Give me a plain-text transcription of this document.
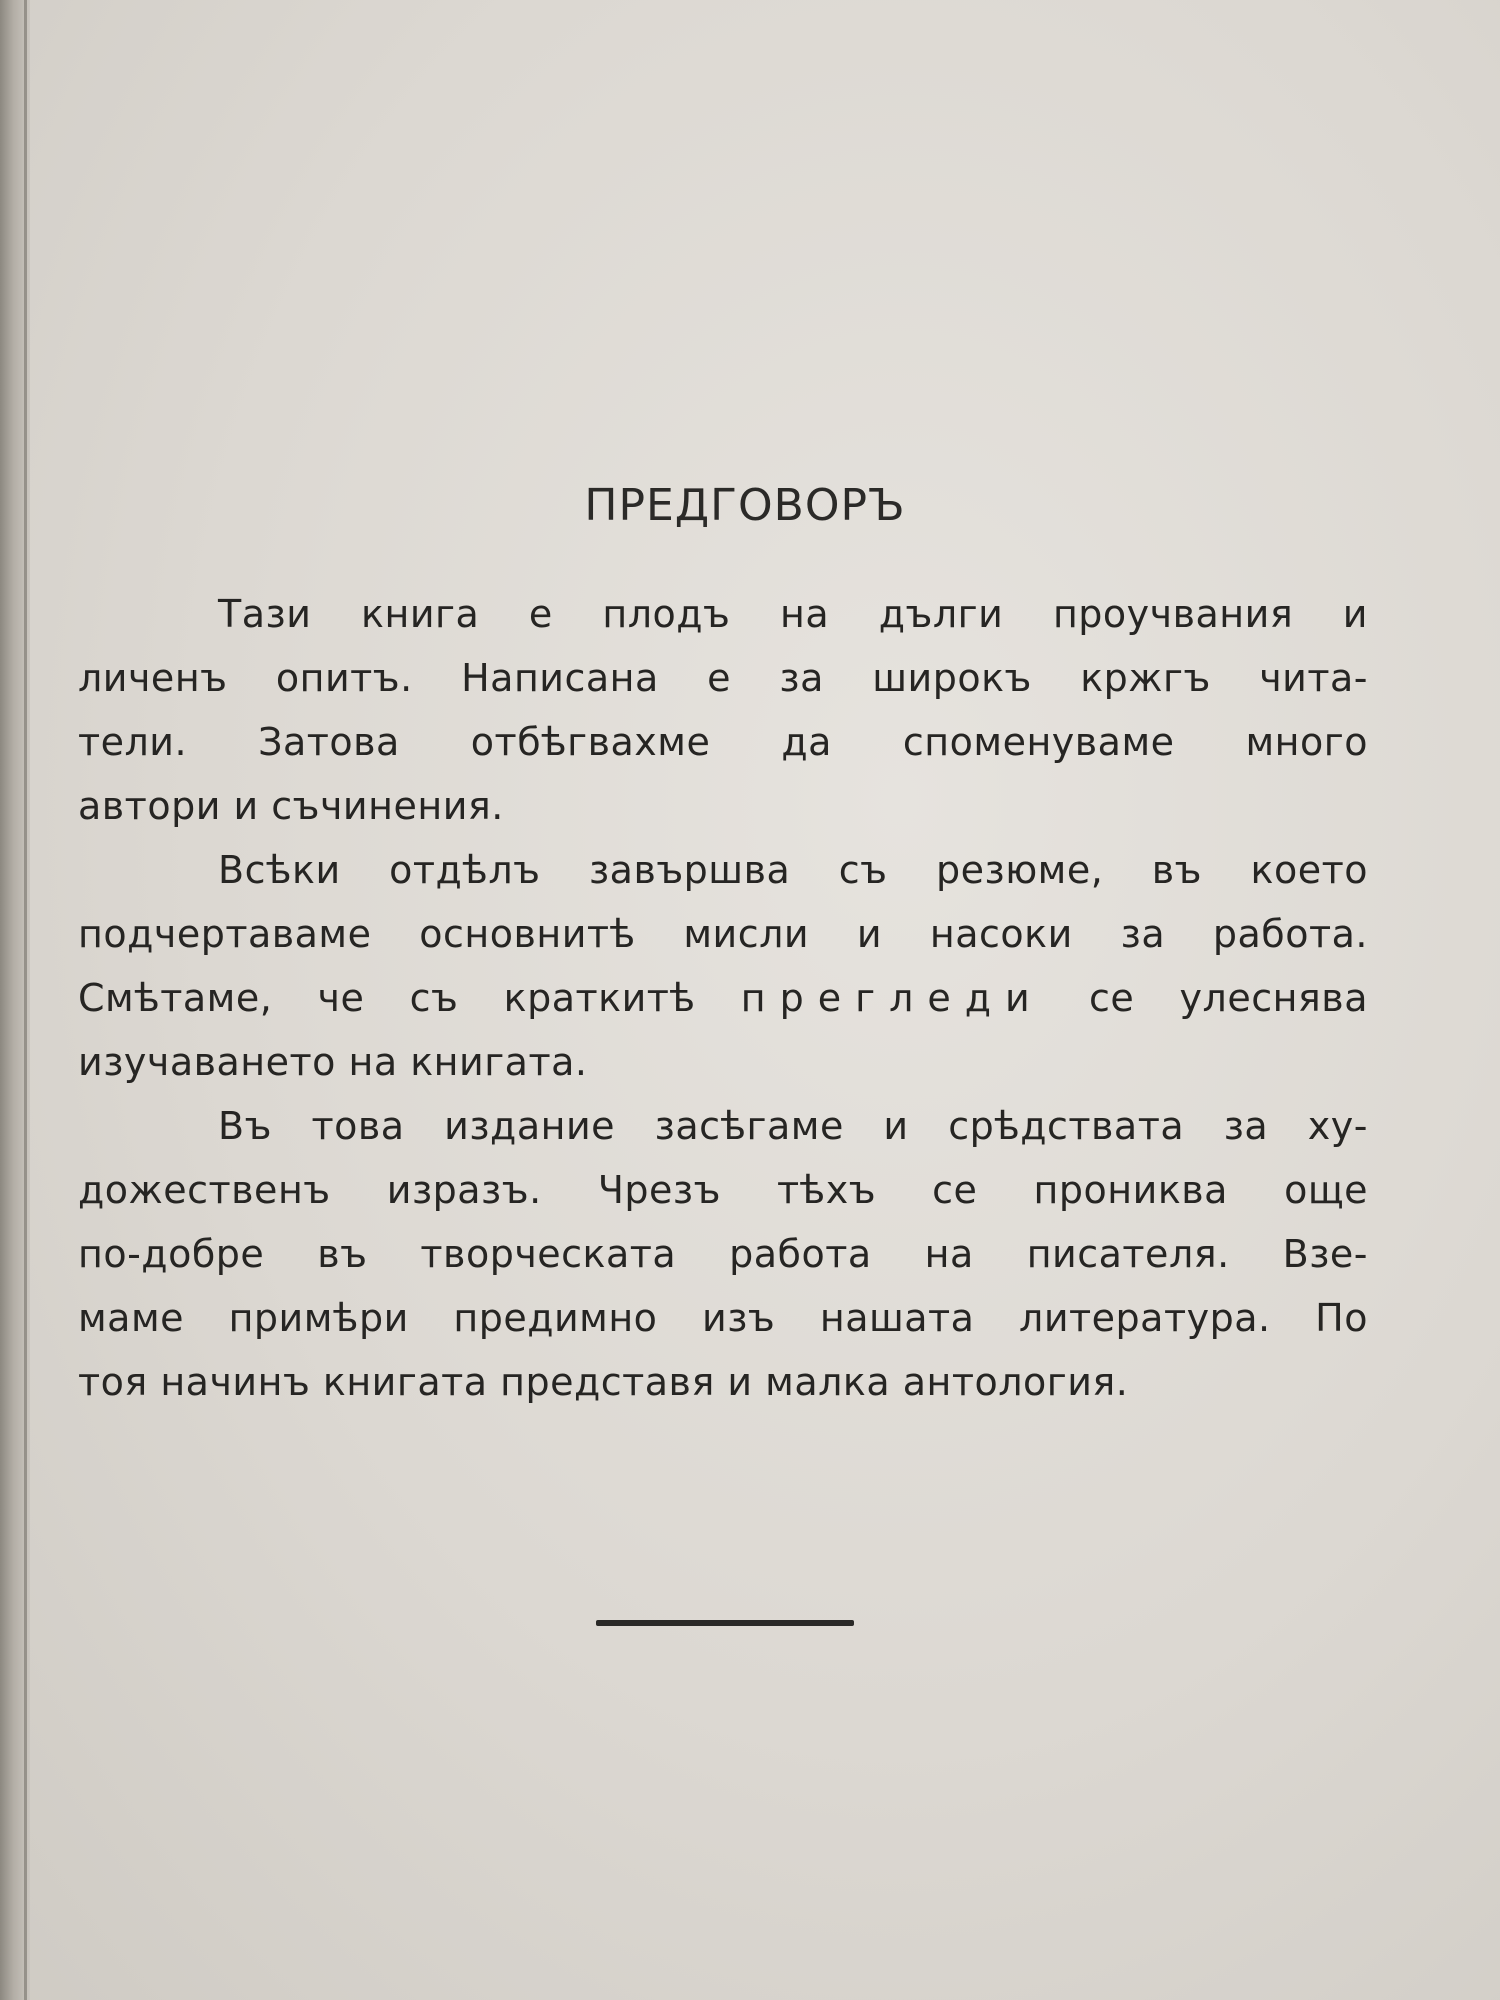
ПРЕДГОВОРЪ

Тази книга е плодъ на дълги проучвания и
личенъ опитъ. Написана е за широкъ кржгъ чита-
тели. Затова отбѣгвахме да споменуваме много
автори и съчинения.

Всѣки отдѣлъ завършва съ резюме, въ което
подчертаваме основнитѣ мисли и насоки за работа.
Смѣтаме, че съ краткитѣ прегледи се улеснява
изучаването на книгата.

Въ това издание засѣгаме и срѣдствата за ху-
дожественъ изразъ. Чрезъ тѣхъ се прониква още
по-добре въ творческата работа на писателя. Взе-
маме примѣри предимно изъ нашата литература. По
тоя начинъ книгата представя и малка антология.
